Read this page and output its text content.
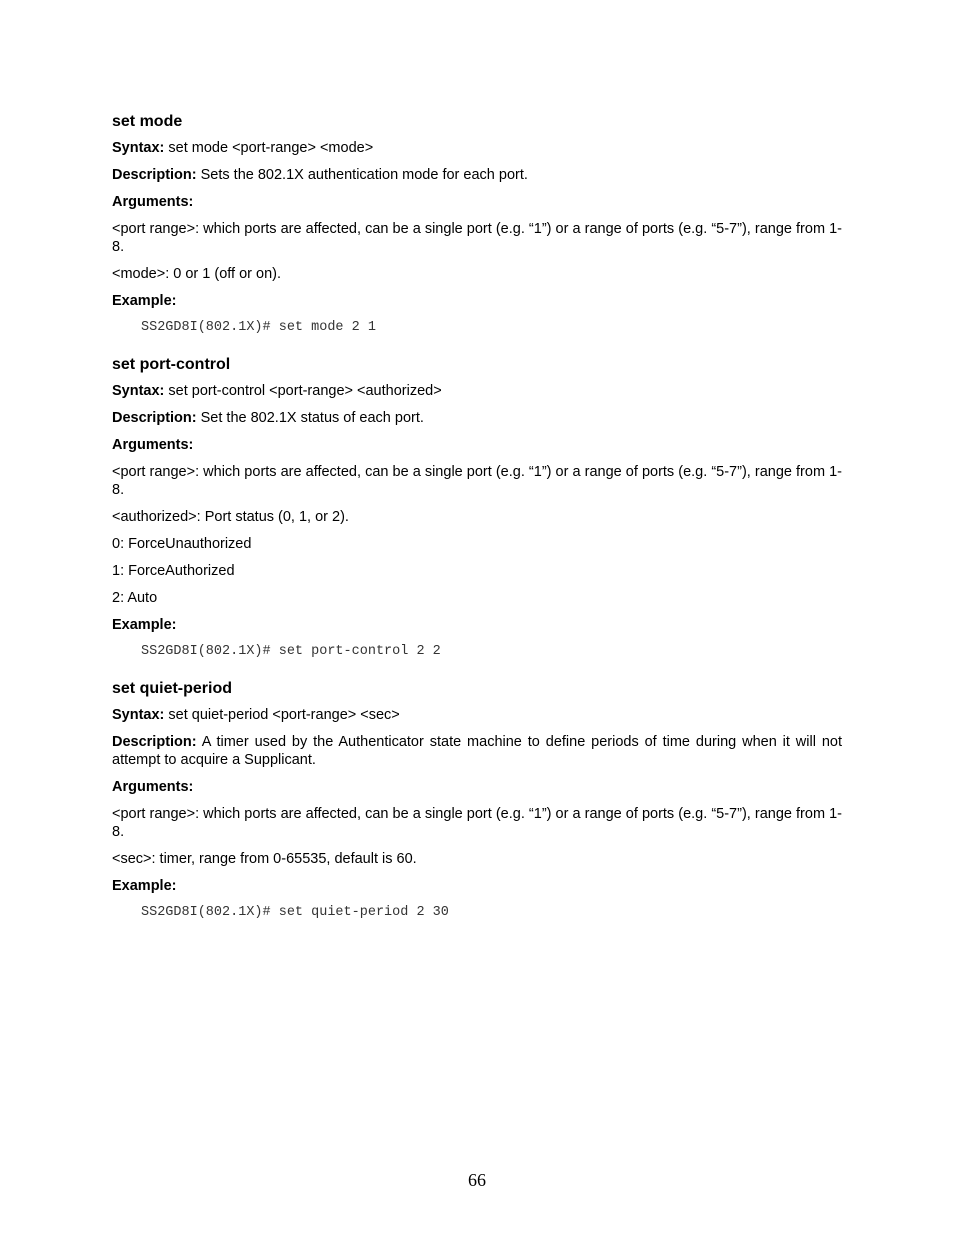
set mode
Syntax: set mode <port-range> <mode>
Description: Sets the 802.1X authentication mode for each port.
Arguments:
<port range>: which ports are affected, can be a single port (e.g. “1”) or a range of ports (e.g. “5-7”), range from 1-8.
<mode>: 0 or 1 (off or on).
Example:
SS2GD8I(802.1X)# set mode 2 1
set port-control
Syntax: set port-control <port-range> <authorized>
Description: Set the 802.1X status of each port.
Arguments:
<port range>: which ports are affected, can be a single port (e.g. “1”) or a range of ports (e.g. “5-7”), range from 1-8.
<authorized>: Port status (0, 1, or 2).
0: ForceUnauthorized
1: ForceAuthorized
2: Auto
Example:
SS2GD8I(802.1X)# set port-control 2 2
set quiet-period
Syntax: set quiet-period <port-range> <sec>
Description: A timer used by the Authenticator state machine to define periods of time during when it will not attempt to acquire a Supplicant.
Arguments:
<port range>: which ports are affected, can be a single port (e.g. “1”) or a range of ports (e.g. “5-7”), range from 1-8.
<sec>: timer, range from 0-65535, default is 60.
Example:
SS2GD8I(802.1X)# set quiet-period 2 30
66
